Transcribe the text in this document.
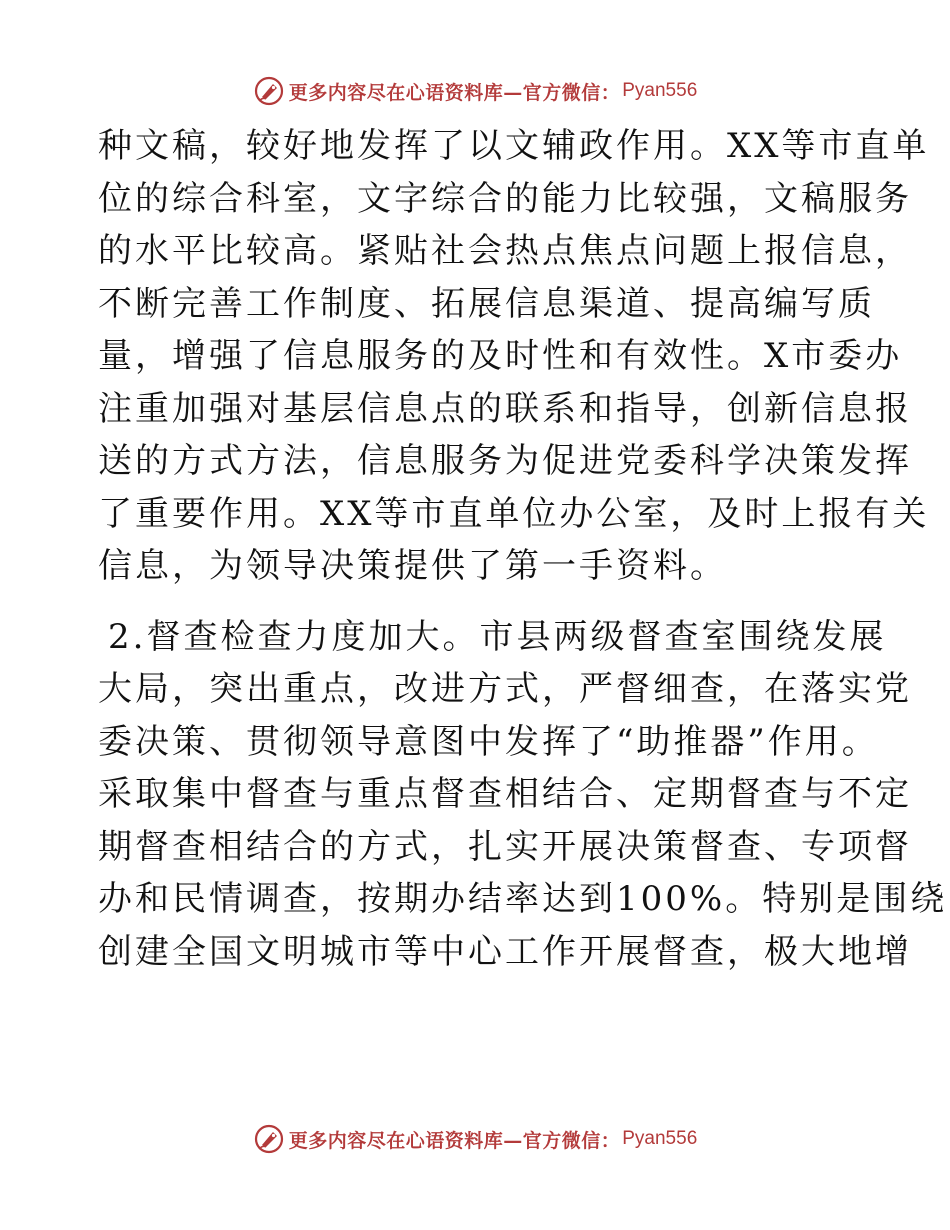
更多内容尽在心语资料库—官方微信： Pyan556
种文稿，较好地发挥了以文辅政作用。XX等市直单
位的综合科室，文字综合的能力比较强，文稿服务
的水平比较高。紧贴社会热点焦点问题上报信息，
不断完善工作制度、拓展信息渠道、提高编写质
量，增强了信息服务的及时性和有效性。X市委办
注重加强对基层信息点的联系和指导，创新信息报
送的方式方法，信息服务为促进党委科学决策发挥
了重要作用。XX等市直单位办公室，及时上报有关
信息，为领导决策提供了第一手资料。
2.督查检查力度加大。市县两级督查室围绕发展
大局，突出重点，改进方式，严督细查，在落实党
委决策、贯彻领导意图中发挥了“助推器”作用。
采取集中督查与重点督查相结合、定期督查与不定
期督查相结合的方式，扎实开展决策督查、专项督
办和民情调查，按期办结率达到100%。特别是围绕
创建全国文明城市等中心工作开展督查，极大地增
更多内容尽在心语资料库—官方微信： Pyan556
